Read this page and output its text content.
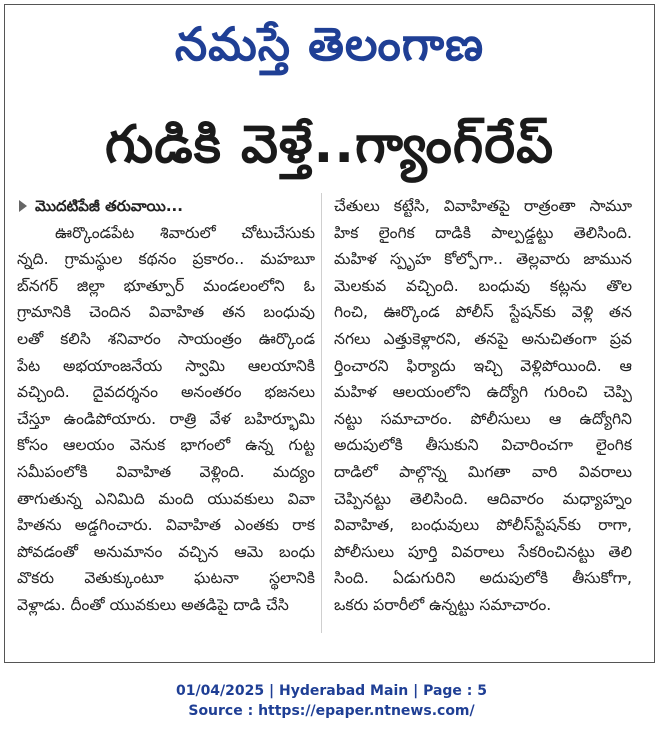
నమస్తే తెలంగాణ
గుడికి వెళ్తే..గ్యాంగ్‌రేప్
మొదటిపేజీ తరువాయి...
ఊర్కొండపేట శివారులో చోటుచేసుకు
న్నది. గ్రామస్థుల కథనం ప్రకారం.. మహబూ
బ్‌నగర్ జిల్లా భూత్పూర్ మండలంలోని ఓ
గ్రామానికి చెందిన వివాహిత తన బంధువు
లతో కలిసి శనివారం సాయంత్రం ఊర్కొండ
పేట అభయాంజనేయ స్వామి ఆలయానికి
వచ్చింది. దైవదర్శనం అనంతరం భజనలు
చేస్తూ ఉండిపోయారు. రాత్రి వేళ బహిర్భూమి
కోసం ఆలయం వెనుక భాగంలో ఉన్న గుట్ట
సమీపంలోకి వివాహిత వెళ్లింది. మద్యం
తాగుతున్న ఎనిమిది మంది యువకులు వివా
హితను అడ్డగించారు. వివాహిత ఎంతకు రాక
పోవడంతో అనుమానం వచ్చిన ఆమె బంధు
వొకరు వెతుక్కుంటూ ఘటనా స్థలానికి
వెళ్లాడు. దీంతో యువకులు అతడిపై దాడి చేసి
చేతులు కట్టేసి, వివాహితపై రాత్రంతా సామూ
హిక లైంగిక దాడికి పాల్పడ్డట్టు తెలిసింది.
మహిళ స్పృహ కోల్పోగా.. తెల్లవారు జామున
మెలకువ వచ్చింది. బంధువు కట్లను తొల
గించి, ఊర్కొండ పోలీస్ స్టేషన్‌కు వెళ్లి తన
నగలు ఎత్తుకెళ్లారని, తనపై అనుచితంగా ప్రవ
ర్తించారని ఫిర్యాదు ఇచ్చి వెళ్లిపోయింది. ఆ
మహిళ ఆలయంలోని ఉద్యోగి గురించి చెప్పి
నట్టు సమాచారం. పోలీసులు ఆ ఉద్యోగిని
అదుపులోకి తీసుకుని విచారించగా లైంగిక
దాడిలో పాల్గొన్న మిగతా వారి వివరాలు
చెప్పినట్టు తెలిసింది. ఆదివారం మధ్యాహ్నం
వివాహిత, బంధువులు పోలీస్‌స్టేషన్‌కు రాగా,
పోలీసులు పూర్తి వివరాలు సేకరించినట్టు తెలి
సింది. ఏడుగురిని అదుపులోకి తీసుకోగా,
ఒకరు పరారీలో ఉన్నట్టు సమాచారం.
01/04/2025 | Hyderabad Main | Page : 5
Source : https://epaper.ntnews.com/
